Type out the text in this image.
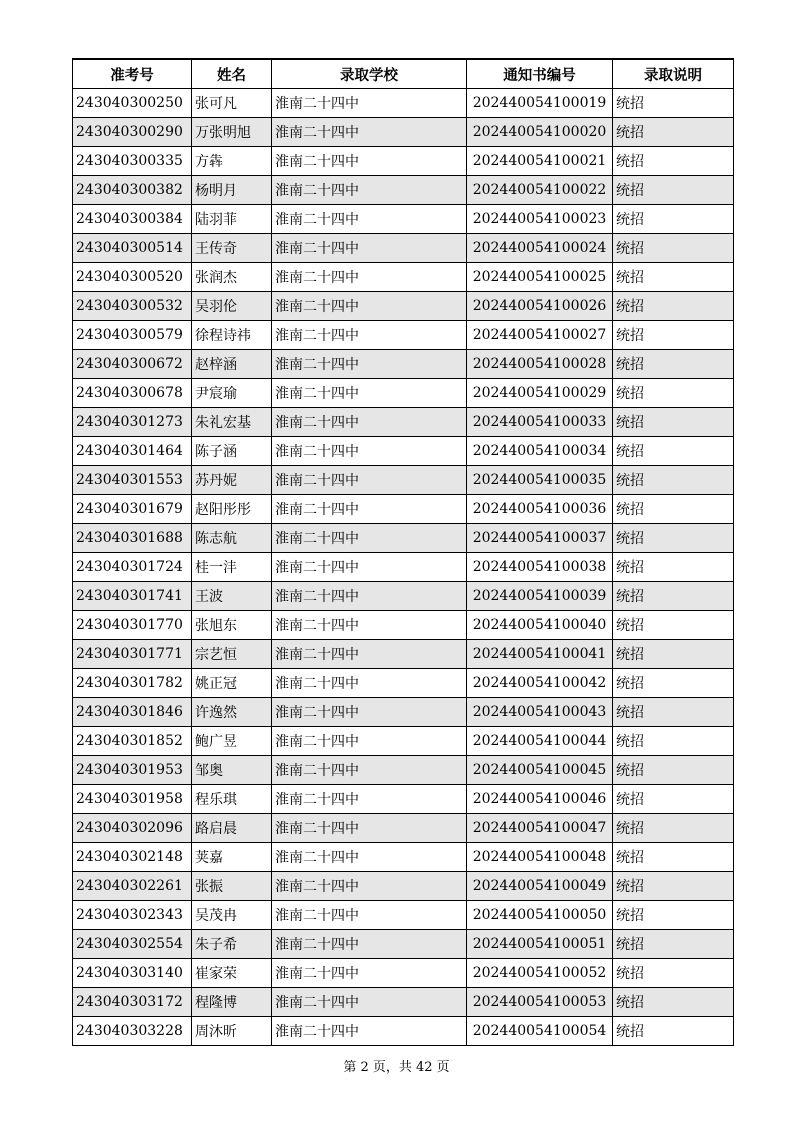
准考号	姓名	录取学校	通知书编号	录取说明
243040300250	张可凡	淮南二十四中	202440054100019	统招
243040300290	万张明旭	淮南二十四中	202440054100020	统招
243040300335	方犇	淮南二十四中	202440054100021	统招
243040300382	杨明月	淮南二十四中	202440054100022	统招
243040300384	陆羽菲	淮南二十四中	202440054100023	统招
243040300514	王传奇	淮南二十四中	202440054100024	统招
243040300520	张润杰	淮南二十四中	202440054100025	统招
243040300532	吴羽伦	淮南二十四中	202440054100026	统招
243040300579	徐程诗祎	淮南二十四中	202440054100027	统招
243040300672	赵梓涵	淮南二十四中	202440054100028	统招
243040300678	尹宸瑜	淮南二十四中	202440054100029	统招
243040301273	朱礼宏基	淮南二十四中	202440054100033	统招
243040301464	陈子涵	淮南二十四中	202440054100034	统招
243040301553	苏丹妮	淮南二十四中	202440054100035	统招
243040301679	赵阳彤彤	淮南二十四中	202440054100036	统招
243040301688	陈志航	淮南二十四中	202440054100037	统招
243040301724	桂一沣	淮南二十四中	202440054100038	统招
243040301741	王波	淮南二十四中	202440054100039	统招
243040301770	张旭东	淮南二十四中	202440054100040	统招
243040301771	宗艺恒	淮南二十四中	202440054100041	统招
243040301782	姚正冠	淮南二十四中	202440054100042	统招
243040301846	许逸然	淮南二十四中	202440054100043	统招
243040301852	鲍广昱	淮南二十四中	202440054100044	统招
243040301953	邹奥	淮南二十四中	202440054100045	统招
243040301958	程乐琪	淮南二十四中	202440054100046	统招
243040302096	路启晨	淮南二十四中	202440054100047	统招
243040302148	荚嘉	淮南二十四中	202440054100048	统招
243040302261	张振	淮南二十四中	202440054100049	统招
243040302343	吴茂冉	淮南二十四中	202440054100050	统招
243040302554	朱子希	淮南二十四中	202440054100051	统招
243040303140	崔家荣	淮南二十四中	202440054100052	统招
243040303172	程隆博	淮南二十四中	202440054100053	统招
243040303228	周沐昕	淮南二十四中	202440054100054	统招
第 2 页，共 42 页
